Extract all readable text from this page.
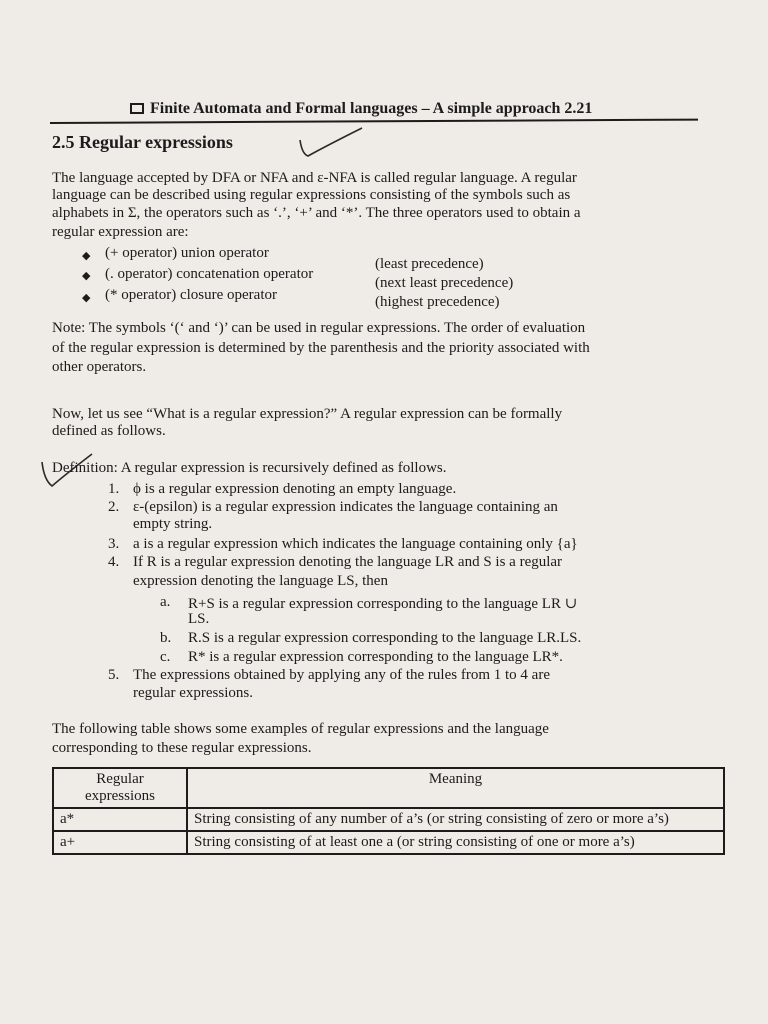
Finite Automata and Formal languages – A simple approach 2.21
2.5 Regular expressions
The language accepted by DFA or NFA and ε-NFA is called regular language. A regular
language can be described using regular expressions consisting of the symbols such as
alphabets in Σ, the operators such as ‘.’, ‘+’ and ‘*’. The three operators used to obtain a
regular expression are:
◆ (+ operator) union operator
(least precedence)
◆ (. operator) concatenation operator
(next least precedence)
◆ (* operator) closure operator	(highest precedence)
Note: The symbols ‘(‘ and ‘)’ can be used in regular expressions. The order of evaluation
of the regular expression is determined by the parenthesis and the priority associated with
other operators.
Now, let us see “What is a regular expression?” A regular expression can be formally
defined as follows.
Definition: A regular expression is recursively defined as follows.
1. ϕ is a regular expression denoting an empty language.
2. ε-(epsilon) is a regular expression indicates the language containing an
empty string.
3. a is a regular expression which indicates the language containing only {a}
4. If R is a regular expression denoting the language LR and S is a regular
expression denoting the language LS, then
a. R+S is a regular expression corresponding to the language LR ∪
LS.
b. R.S is a regular expression corresponding to the language LR.LS.
c. R* is a regular expression corresponding to the language LR*.
5. The expressions obtained by applying any of the rules from 1 to 4 are
regular expressions.
The following table shows some examples of regular expressions and the language
corresponding to these regular expressions.
Regular expressions	Meaning
a*	String consisting of any number of a’s (or string consisting of zero or more a’s)
a+	String consisting of at least one a (or string consisting of one or more a’s)
